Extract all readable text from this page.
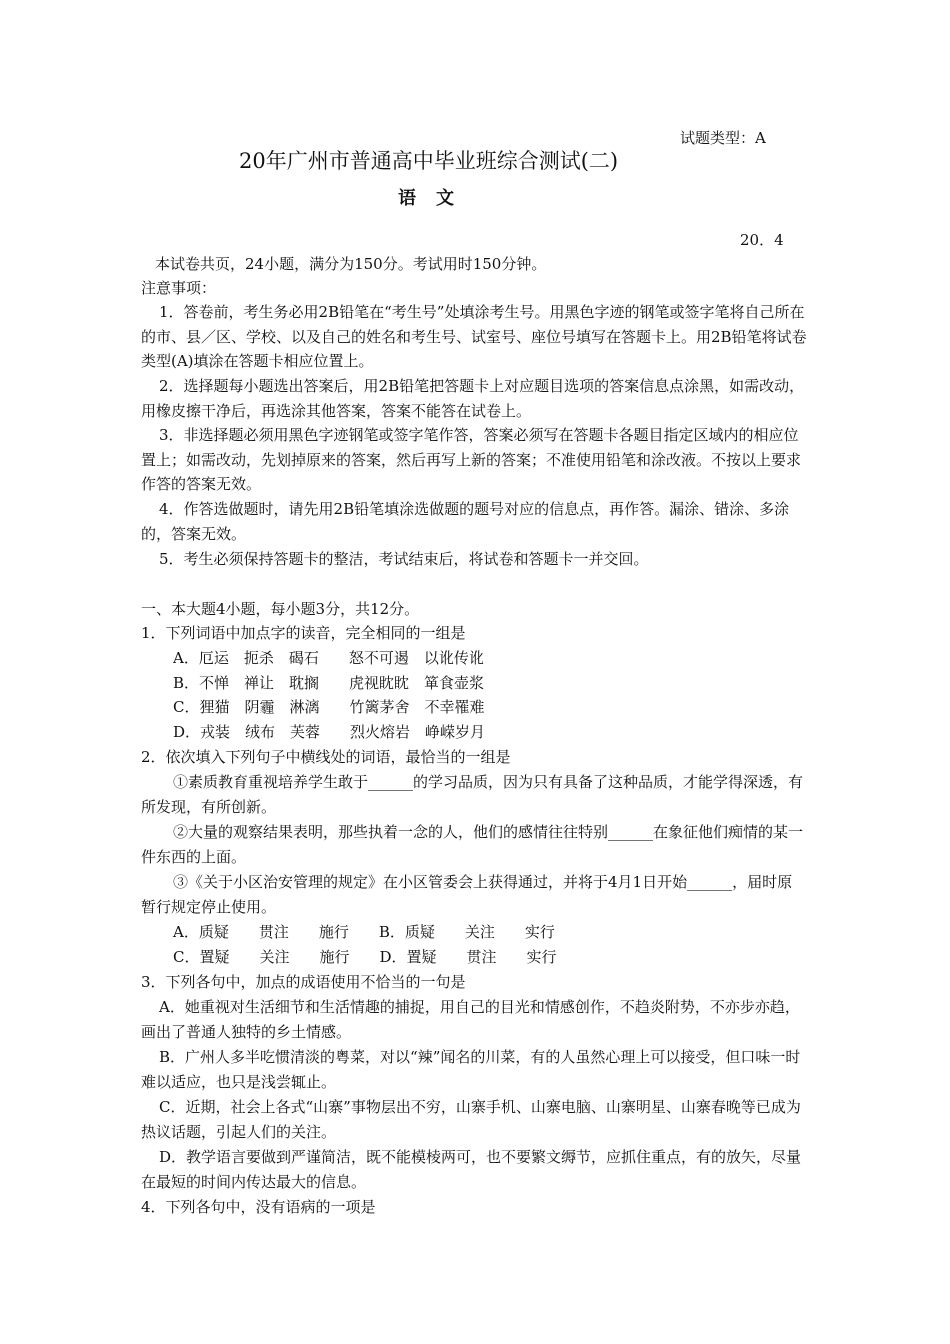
试题类型：A
20年广州市普通高中毕业班综合测试(二)
语文
20．4
本试卷共页，24小题，满分为150分。考试用时150分钟。
注意事项：
1．答卷前，考生务必用2B铅笔在“考生号”处填涂考生号。用黑色字迹的钢笔或签字笔将自己所在的市、县／区、学校、以及自己的姓名和考生号、试室号、座位号填写在答题卡上。用2B铅笔将试卷类型(A)填涂在答题卡相应位置上。
2．选择题每小题选出答案后，用2B铅笔把答题卡上对应题目选项的答案信息点涂黑，如需改动，用橡皮擦干净后，再选涂其他答案，答案不能答在试卷上。
3．非选择题必须用黑色字迹钢笔或签字笔作答，答案必须写在答题卡各题目指定区域内的相应位置上；如需改动，先划掉原来的答案，然后再写上新的答案；不准使用铅笔和涂改液。不按以上要求作答的答案无效。
4．作答选做题时，请先用2B铅笔填涂选做题的题号对应的信息点，再作答。漏涂、错涂、多涂的，答案无效。
5．考生必须保持答题卡的整洁，考试结束后，将试卷和答题卡一并交回。
一、本大题4小题，每小题3分，共12分。
1．下列词语中加点字的读音，完全相同的一组是
A．厄运　扼杀　碣石　　怒不可遏　以讹传讹
B．不惮　禅让　耽搁　　虎视眈眈　箪食壶浆
C．狸猫　阴霾　淋漓　　竹篱茅舍　不幸罹难
D．戎装　绒布　芙蓉　　烈火熔岩　峥嵘岁月
2．依次填入下列句子中横线处的词语，最恰当的一组是
①素质教育重视培养学生敢于______的学习品质，因为只有具备了这种品质，才能学得深透，有所发现，有所创新。
②大量的观察结果表明，那些执着一念的人，他们的感情往往特别______在象征他们痴情的某一件东西的上面。
③《关于小区治安管理的规定》在小区管委会上获得通过，并将于4月1日开始______，届时原暂行规定停止使用。
A．质疑　　贯注　　施行　　B．质疑　　关注　　实行
C．置疑　　关注　　施行　　D．置疑　　贯注　　实行
3．下列各句中，加点的成语使用不恰当的一句是
A．她重视对生活细节和生活情趣的捕捉，用自己的目光和情感创作，不趋炎附势，不亦步亦趋，画出了普通人独特的乡土情感。
B．广州人多半吃惯清淡的粤菜，对以“辣”闻名的川菜，有的人虽然心理上可以接受，但口味一时难以适应，也只是浅尝辄止。
C．近期，社会上各式“山寨”事物层出不穷，山寨手机、山寨电脑、山寨明星、山寨春晚等已成为热议话题，引起人们的关注。
D．教学语言要做到严谨简洁，既不能模棱两可，也不要繁文缛节，应抓住重点，有的放矢，尽量在最短的时间内传达最大的信息。
4．下列各句中，没有语病的一项是
